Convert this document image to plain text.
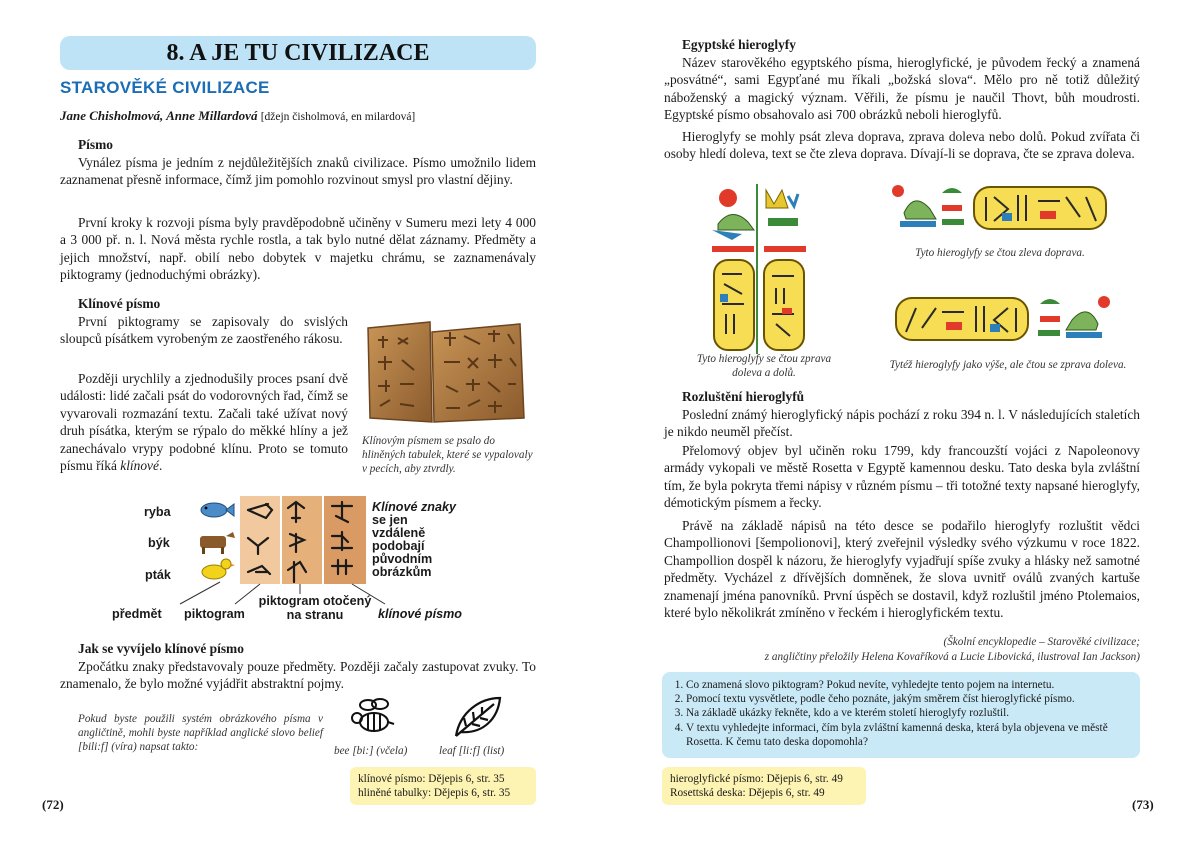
8. A JE TU CIVILIZACE
STAROVĚKÉ CIVILIZACE
Jane Chisholmová, Anne Millardová [džejn čisholmová, en milardová]
Písmo

Vynález písma je jedním z nejdůležitějších znaků civilizace. Písmo umožnilo lidem zaznamenat přesně informace, čímž jim pomohlo rozvinout smysl pro vlastní dějiny.

První kroky k rozvoji písma byly pravděpodobně učiněny v Sumeru mezi lety 4 000 a 3 000 př. n. l. Nová města rychle rostla, a tak bylo nutné dělat záznamy. Předměty a jejich množství, např. obilí nebo dobytek v majetku chrámu, se zaznamenávaly piktogramy (jednoduchými obrázky).

Klínové písmo

První piktogramy se zapisovaly do svislých sloupců písátkem vyrobeným ze zaostřeného rákosu.

Později urychlily a zjednodušily proces psaní dvě události: lidé začali psát do vodorovných řad, čímž se vyvarovali rozmazání textu. Začali také užívat nový druh písátka, kterým se rýpalo do měkké hlíny a jež zanechávalo vrypy podobné klínu. Proto se tomuto písmu říká klínové.

Klínovým písmem se psalo do hliněných tabulek, které se vypalovaly v pecích, aby ztvrdly.
ryba
býk
pták
Klínové znaky
se jen vzdáleně podobají původním obrázkům
předmět piktogram
piktogram otočený na stranu	klínové písmo
Jak se vyvíjelo klínové písmo

Zpočátku znaky představovaly pouze předměty. Později začaly zastupovat zvuky. To znamenalo, že bylo možné vyjádřit abstraktní pojmy.

Pokud byste použili systém obrázkového písma v angličtině, mohli byste například anglické slovo belief [bili:f] (víra) napsat takto:	bee [bi:] (včela)	leaf [li:f] (list)
klínové písmo: Dějepis 6, str. 35
hliněné tabulky: Dějepis 6, str. 35
(72)
Egyptské hieroglyfy

Název starověkého egyptského písma, hieroglyfické, je původem řecký a znamená „posvátné“, sami Egypťané mu říkali „božská slova“. Mělo pro ně totiž důležitý náboženský a magický význam. Věřili, že písmu je naučil Thovt, bůh moudrosti. Egyptské písmo obsahovalo asi 700 obrázků neboli hieroglyfů.

Hieroglyfy se mohly psát zleva doprava, zprava doleva nebo dolů. Pokud zvířata či osoby hledí doleva, text se čte zleva doprava. Dívají-li se doprava, čte se zprava doleva.

Tyto hieroglyfy se čtou zprava doleva a dolů.
Tyto hieroglyfy se čtou zleva doprava.
Tytéž hieroglyfy jako výše, ale čtou se zprava doleva.
Rozluštění hieroglyfů

Poslední známý hieroglyfický nápis pochází z roku 394 n. l. V následujících staletích je nikdo neuměl přečíst.

Přelomový objev byl učiněn roku 1799, kdy francouzští vojáci z Napoleonovy armády vykopali ve městě Rosetta v Egyptě kamennou desku. Tato deska byla zvláštní tím, že byla pokryta třemi nápisy v různém písmu – tři totožné texty napsané hieroglyfy, démotickým písmem a řecky.

Právě na základě nápisů na této desce se podařilo hieroglyfy rozluštit vědci Champollionovi [šempolionovi], který zveřejnil výsledky svého výzkumu v roce 1822. Champollion dospěl k názoru, že hieroglyfy vyjadřují spíše zvuky a hlásky než samotné předměty. Vycházel z dřívějších domněnek, že slova uvnitř oválů zvaných kartuše znamenají jména panovníků. První úspěch se dostavil, když rozluštil jméno Ptolemaios, které bylo několikrát zmíněno v řeckém i hieroglyfickém textu.

(Školní encyklopedie – Starověké civilizace;
z angličtiny přeložily Helena Kovaříková a Lucie Libovická, ilustroval Ian Jackson)
1. Co znamená slovo piktogram? Pokud nevíte, vyhledejte tento pojem na internetu.
2. Pomocí textu vysvětlete, podle čeho poznáte, jakým směrem číst hieroglyfické písmo.
3. Na základě ukázky řekněte, kdo a ve kterém století hieroglyfy rozluštil.
4. V textu vyhledejte informaci, čím byla zvláštní kamenná deska, která byla objevena ve městě Rosetta. K čemu tato deska dopomohla?
hieroglyfické písmo: Dějepis 6, str. 49
Rosettská deska: Dějepis 6, str. 49
(73)
